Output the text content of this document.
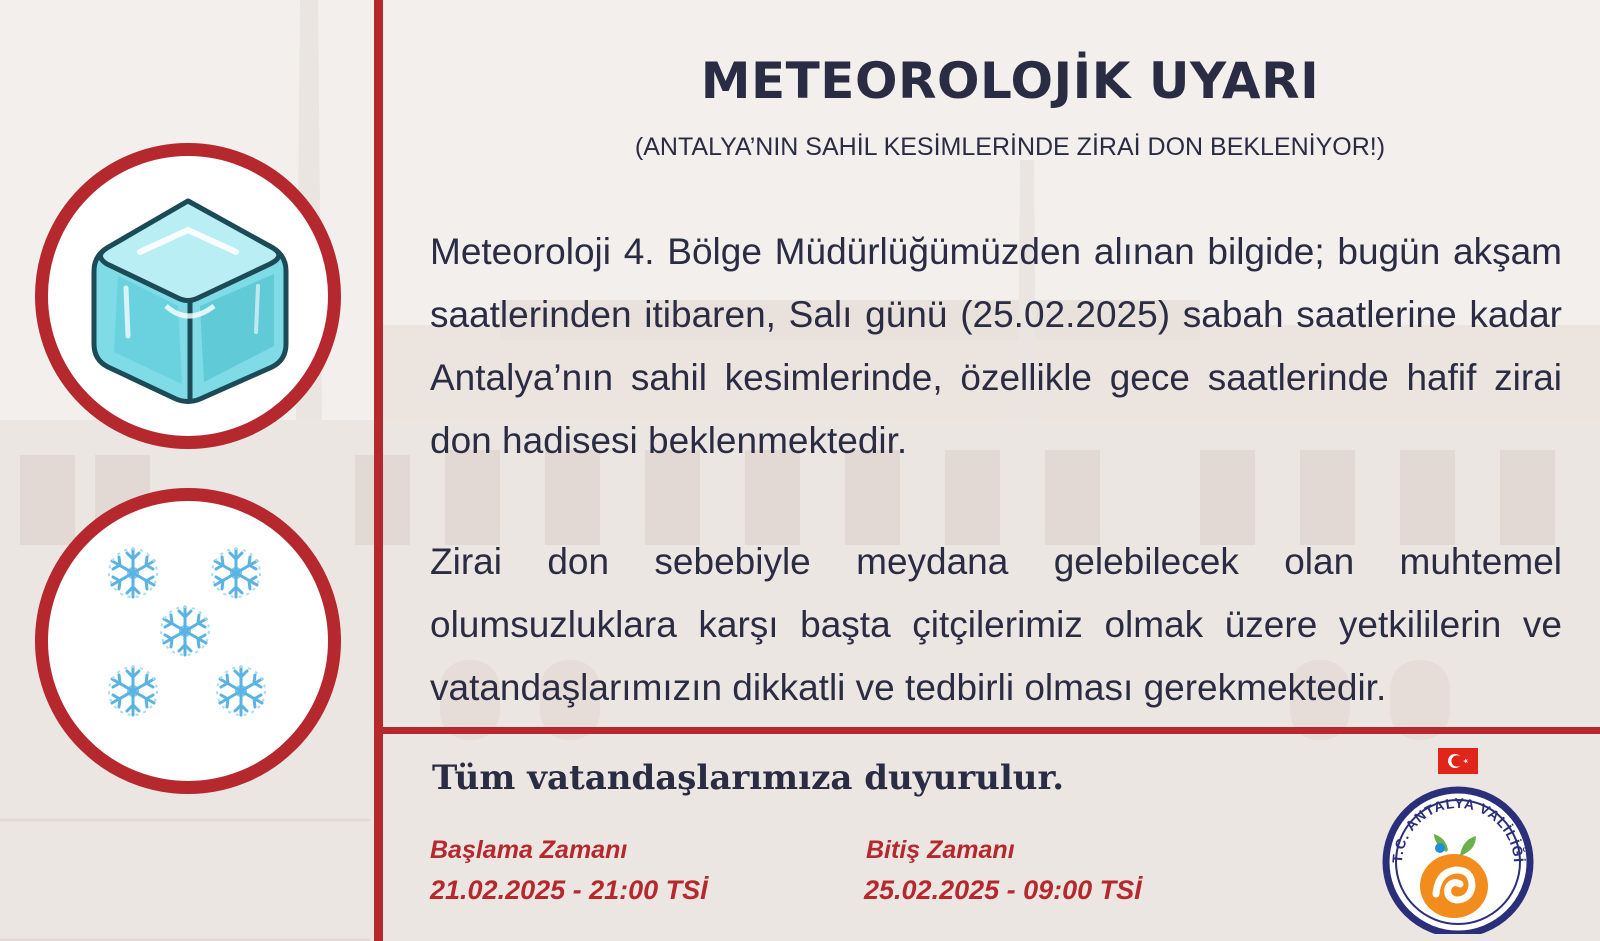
METEOROLOJİK UYARI

(ANTALYA’NIN SAHİL KESİMLERİNDE ZİRAİ DON BEKLENİYOR!)

Meteoroloji 4. Bölge Müdürlüğümüzden alınan bilgide; bugün akşam saatlerinden itibaren, Salı günü (25.02.2025) sabah saatlerine kadar Antalya’nın sahil kesimlerinde, özellikle gece saatlerinde hafif zirai don hadisesi beklenmektedir.

Zirai don sebebiyle meydana gelebilecek olan muhtemel olumsuzluklara karşı başta çitçilerimiz olmak üzere yetkililerin ve vatandaşlarımızın dikkatli ve tedbirli olması gerekmektedir.

Tüm vatandaşlarımıza duyurulur.

Başlama Zamanı

21.02.2025 - 21:00 TSİ

Bitiş Zamanı

25.02.2025 - 09:00 TSİ

T.C. ANTALYA VALİLİĞİ
